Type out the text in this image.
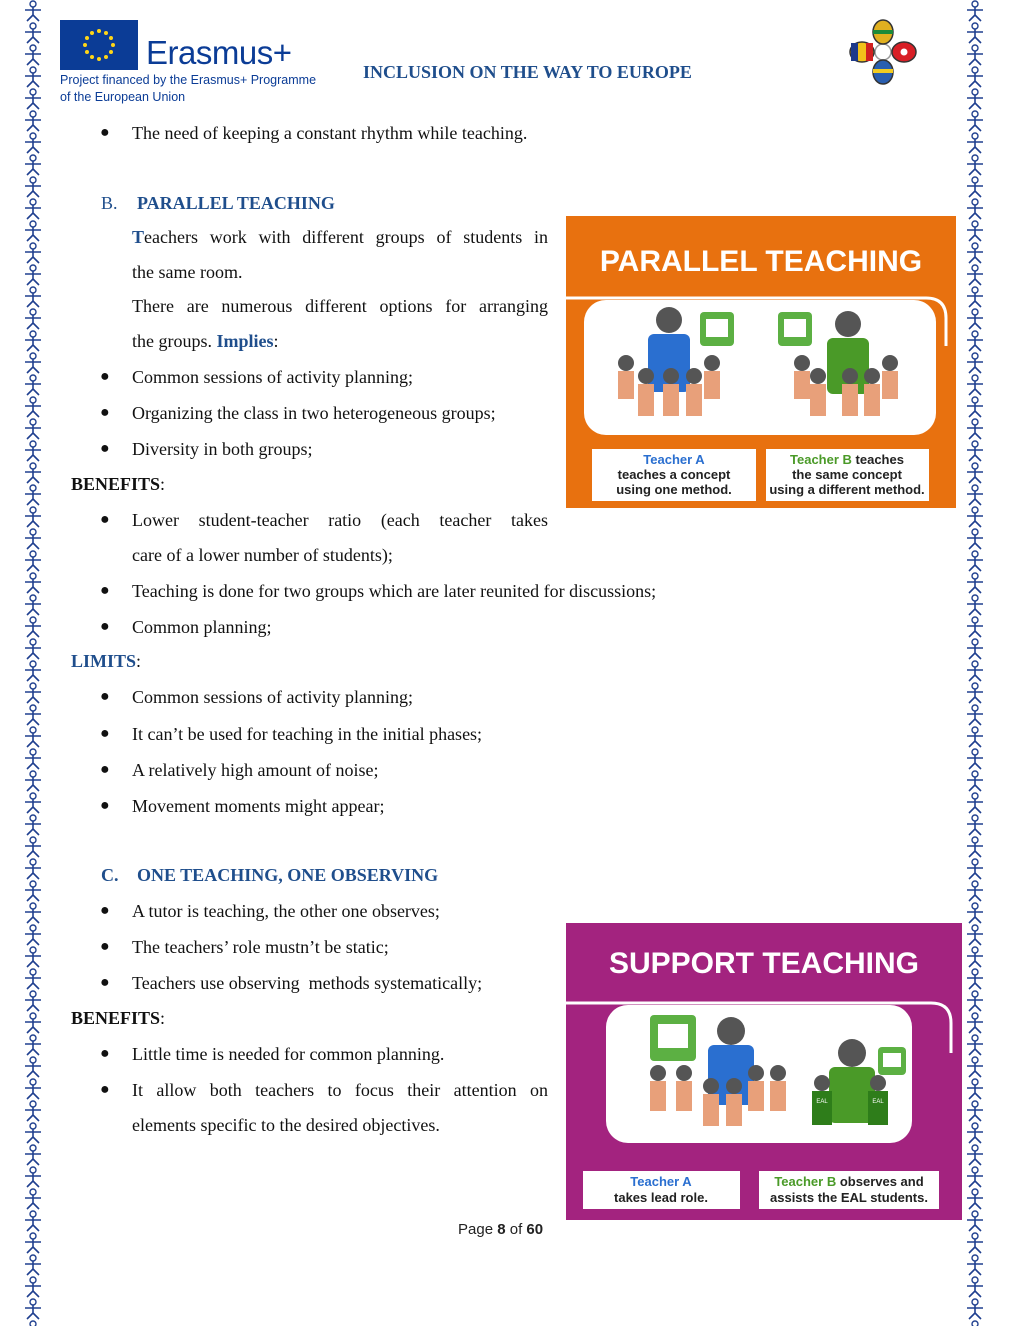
Erasmus+
Project financed by the Erasmus+ Programme
of the European Union
INCLUSION ON THE WAY TO EUROPE
● The need of keeping a constant rhythm while teaching.
B. PARALLEL TEACHING
Teachers work with different groups of students in
the same room.
There are numerous different options for arranging
the groups. Implies:
● Common sessions of activity planning;
● Organizing the class in two heterogeneous groups;
● Diversity in both groups;
BENEFITS:
● Lower student-teacher ratio (each teacher takes
care of a lower number of students);
● Teaching is done for two groups which are later reunited for discussions;
● Common planning;
LIMITS:
● Common sessions of activity planning;
● It can’t be used for teaching in the initial phases;
● A relatively high amount of noise;
● Movement moments might appear;
C. ONE TEACHING, ONE OBSERVING
● A tutor is teaching, the other one observes;
● The teachers’ role mustn’t be static;
● Teachers use observing  methods systematically;
BENEFITS:
● Little time is needed for common planning.
● It allow both teachers to focus their attention on
elements specific to the desired objectives.
PARALLEL TEACHING
Teacher A
teaches a concept
using one method.
Teacher B teaches
the same concept
using a different method.
SUPPORT TEACHING
EAL	EAL
Teacher A
takes lead role.
Teacher B observes and
assists the EAL students.
Page 8 of 60
